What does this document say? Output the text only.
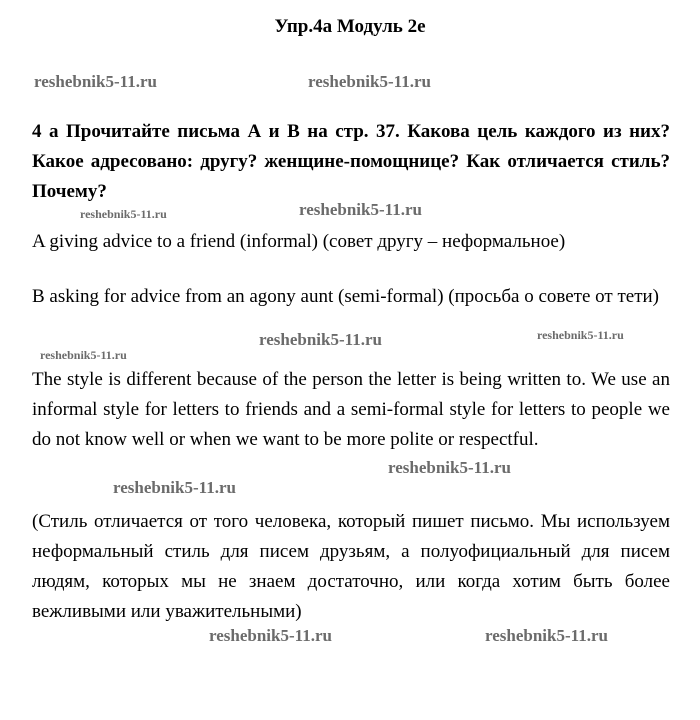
Упр.4а Модуль 2е

4 а Прочитайте письма А и В на стр. 37. Какова цель каждого из них? Какое адресовано: другу? женщине-помощнице? Как отличается стиль? Почему?

A giving advice to a friend (informal) (совет другу – неформальное)

B asking for advice from an agony aunt (semi-formal) (просьба о совете от тети)

The style is different because of the person the letter is being written to. We use an informal style for letters to friends and a semi-formal style for letters to people we do not know well or when we want to be more polite or respectful.

(Стиль отличается от того человека, который пишет письмо. Мы используем неформальный стиль для писем друзьям, а полуофициальный для писем людям, которых мы не знаем достаточно, или когда хотим быть более вежливыми или уважительными)

reshebnik5-11.ru	reshebnik5-11.ru
reshebnik5-11.ru	reshebnik5-11.ru
reshebnik5-11.ru	reshebnik5-11.ru
reshebnik5-11.ru
reshebnik5-11.ru
reshebnik5-11.ru
reshebnik5-11.ru	reshebnik5-11.ru
